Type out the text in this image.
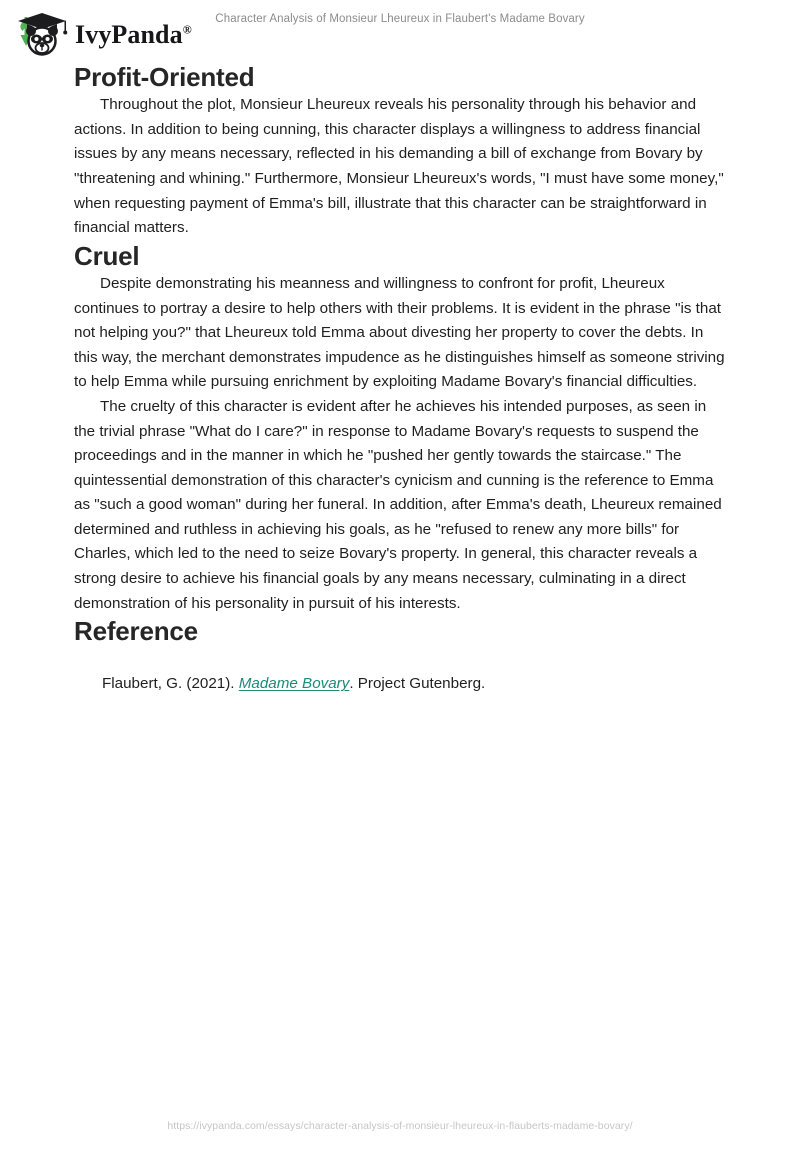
IvyPanda®
Character Analysis of Monsieur Lheureux in Flaubert's Madame Bovary
Profit-Oriented

Throughout the plot, Monsieur Lheureux reveals his personality through his behavior and actions. In addition to being cunning, this character displays a willingness to address financial issues by any means necessary, reflected in his demanding a bill of exchange from Bovary by "threatening and whining." Furthermore, Monsieur Lheureux's words, "I must have some money," when requesting payment of Emma's bill, illustrate that this character can be straightforward in financial matters.

Cruel

Despite demonstrating his meanness and willingness to confront for profit, Lheureux continues to portray a desire to help others with their problems. It is evident in the phrase "is that not helping you?" that Lheureux told Emma about divesting her property to cover the debts. In this way, the merchant demonstrates impudence as he distinguishes himself as someone striving to help Emma while pursuing enrichment by exploiting Madame Bovary's financial difficulties.

The cruelty of this character is evident after he achieves his intended purposes, as seen in the trivial phrase "What do I care?" in response to Madame Bovary's requests to suspend the proceedings and in the manner in which he "pushed her gently towards the staircase." The quintessential demonstration of this character's cynicism and cunning is the reference to Emma as "such a good woman" during her funeral. In addition, after Emma's death, Lheureux remained determined and ruthless in achieving his goals, as he "refused to renew any more bills" for Charles, which led to the need to seize Bovary's property. In general, this character reveals a strong desire to achieve his financial goals by any means necessary, culminating in a direct demonstration of his personality in pursuit of his interests.

Reference

Flaubert, G. (2021). Madame Bovary. Project Gutenberg.

https://ivypanda.com/essays/character-analysis-of-monsieur-lheureux-in-flauberts-madame-bovary/
